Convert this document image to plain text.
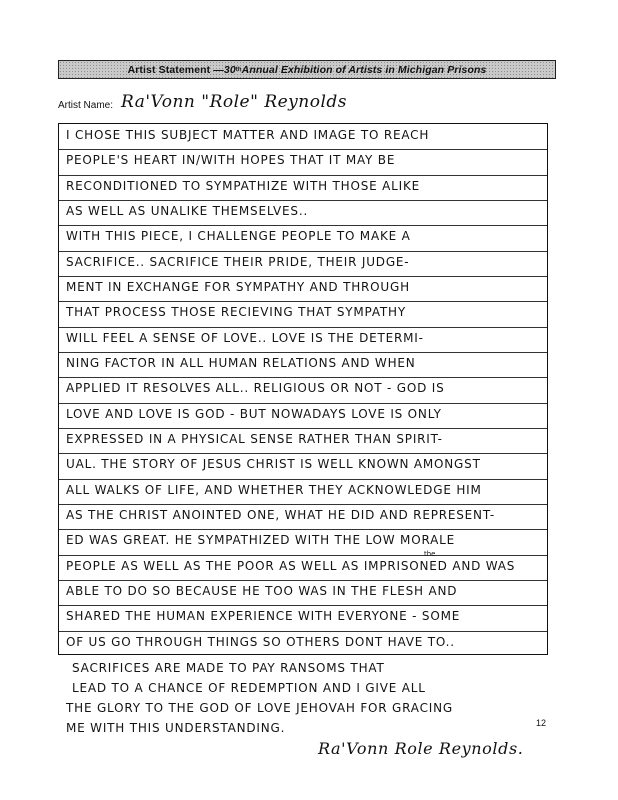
Artist Statement — 30 th Annual Exhibition of Artists in Michigan Prisons
Artist Name: Ra'Vonn "Role" Reynolds
I CHOSE THIS SUBJECT MATTER AND IMAGE TO REACH
PEOPLE'S HEART IN/WITH HOPES THAT IT MAY BE
RECONDITIONED TO SYMPATHIZE WITH THOSE ALIKE
AS WELL AS UNALIKE THEMSELVES..
WITH THIS PIECE, I CHALLENGE PEOPLE TO MAKE A
SACRIFICE.. SACRIFICE THEIR PRIDE, THEIR JUDGE-
MENT IN EXCHANGE FOR SYMPATHY AND THROUGH
THAT PROCESS THOSE RECIEVING THAT SYMPATHY
WILL FEEL A SENSE OF LOVE.. LOVE IS THE DETERMI-
NING FACTOR IN ALL HUMAN RELATIONS AND WHEN
APPLIED IT RESOLVES ALL.. RELIGIOUS OR NOT - GOD IS
LOVE AND LOVE IS GOD - BUT NOWADAYS LOVE IS ONLY
EXPRESSED IN A PHYSICAL SENSE RATHER THAN SPIRIT-
UAL. THE STORY OF JESUS CHRIST IS WELL KNOWN AMONGST
ALL WALKS OF LIFE, AND WHETHER THEY ACKNOWLEDGE HIM
AS THE CHRIST ANOINTED ONE, WHAT HE DID AND REPRESENT-
ED WAS GREAT. HE SYMPATHIZED WITH THE LOW MORALE
PEOPLE AS WELL AS THE POOR AS WELL AS IMPRISONED AND WAS
ABLE TO DO SO BECAUSE HE TOO WAS IN THE FLESH AND
SHARED THE HUMAN EXPERIENCE WITH EVERYONE - SOME
OF US GO THROUGH THINGS SO OTHERS DONT HAVE TO..
SACRIFICES ARE MADE TO PAY RANSOMS THAT
LEAD TO A CHANCE OF REDEMPTION AND I GIVE ALL
THE GLORY TO THE GOD OF LOVE JEHOVAH FOR GRACING
ME WITH THIS UNDERSTANDING.
the
12
Ra'Vonn Role Reynolds.
